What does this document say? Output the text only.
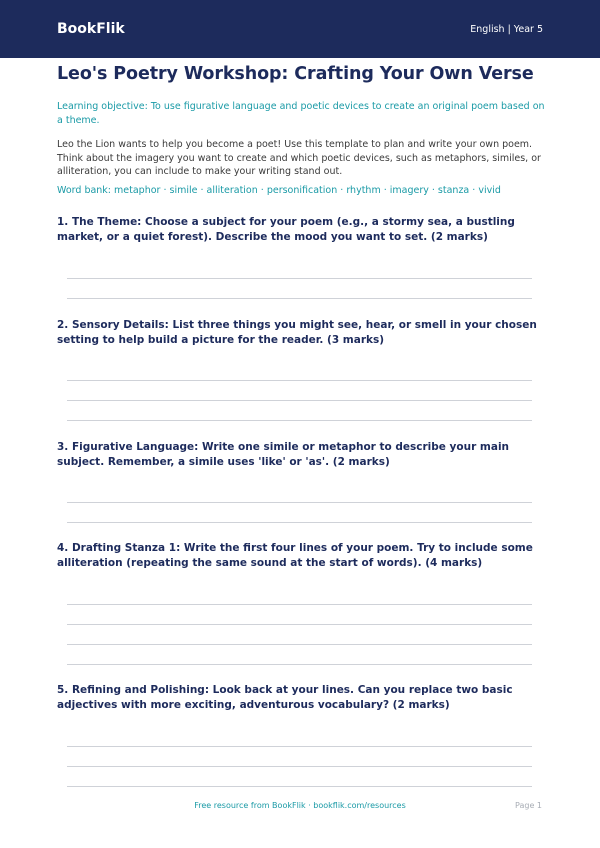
BookFlik	English | Year 5
Leo's Poetry Workshop: Crafting Your Own Verse
Learning objective: To use figurative language and poetic devices to create an original poem based on a theme.
Leo the Lion wants to help you become a poet! Use this template to plan and write your own poem. Think about the imagery you want to create and which poetic devices, such as metaphors, similes, or alliteration, you can include to make your writing stand out.
Word bank: metaphor · simile · alliteration · personification · rhythm · imagery · stanza · vivid
1. The Theme: Choose a subject for your poem (e.g., a stormy sea, a bustling market, or a quiet forest). Describe the mood you want to set. (2 marks)
2. Sensory Details: List three things you might see, hear, or smell in your chosen setting to help build a picture for the reader. (3 marks)
3. Figurative Language: Write one simile or metaphor to describe your main subject. Remember, a simile uses 'like' or 'as'. (2 marks)
4. Drafting Stanza 1: Write the first four lines of your poem. Try to include some alliteration (repeating the same sound at the start of words). (4 marks)
5. Refining and Polishing: Look back at your lines. Can you replace two basic adjectives with more exciting, adventurous vocabulary? (2 marks)
Free resource from BookFlik · bookflik.com/resources	Page 1
